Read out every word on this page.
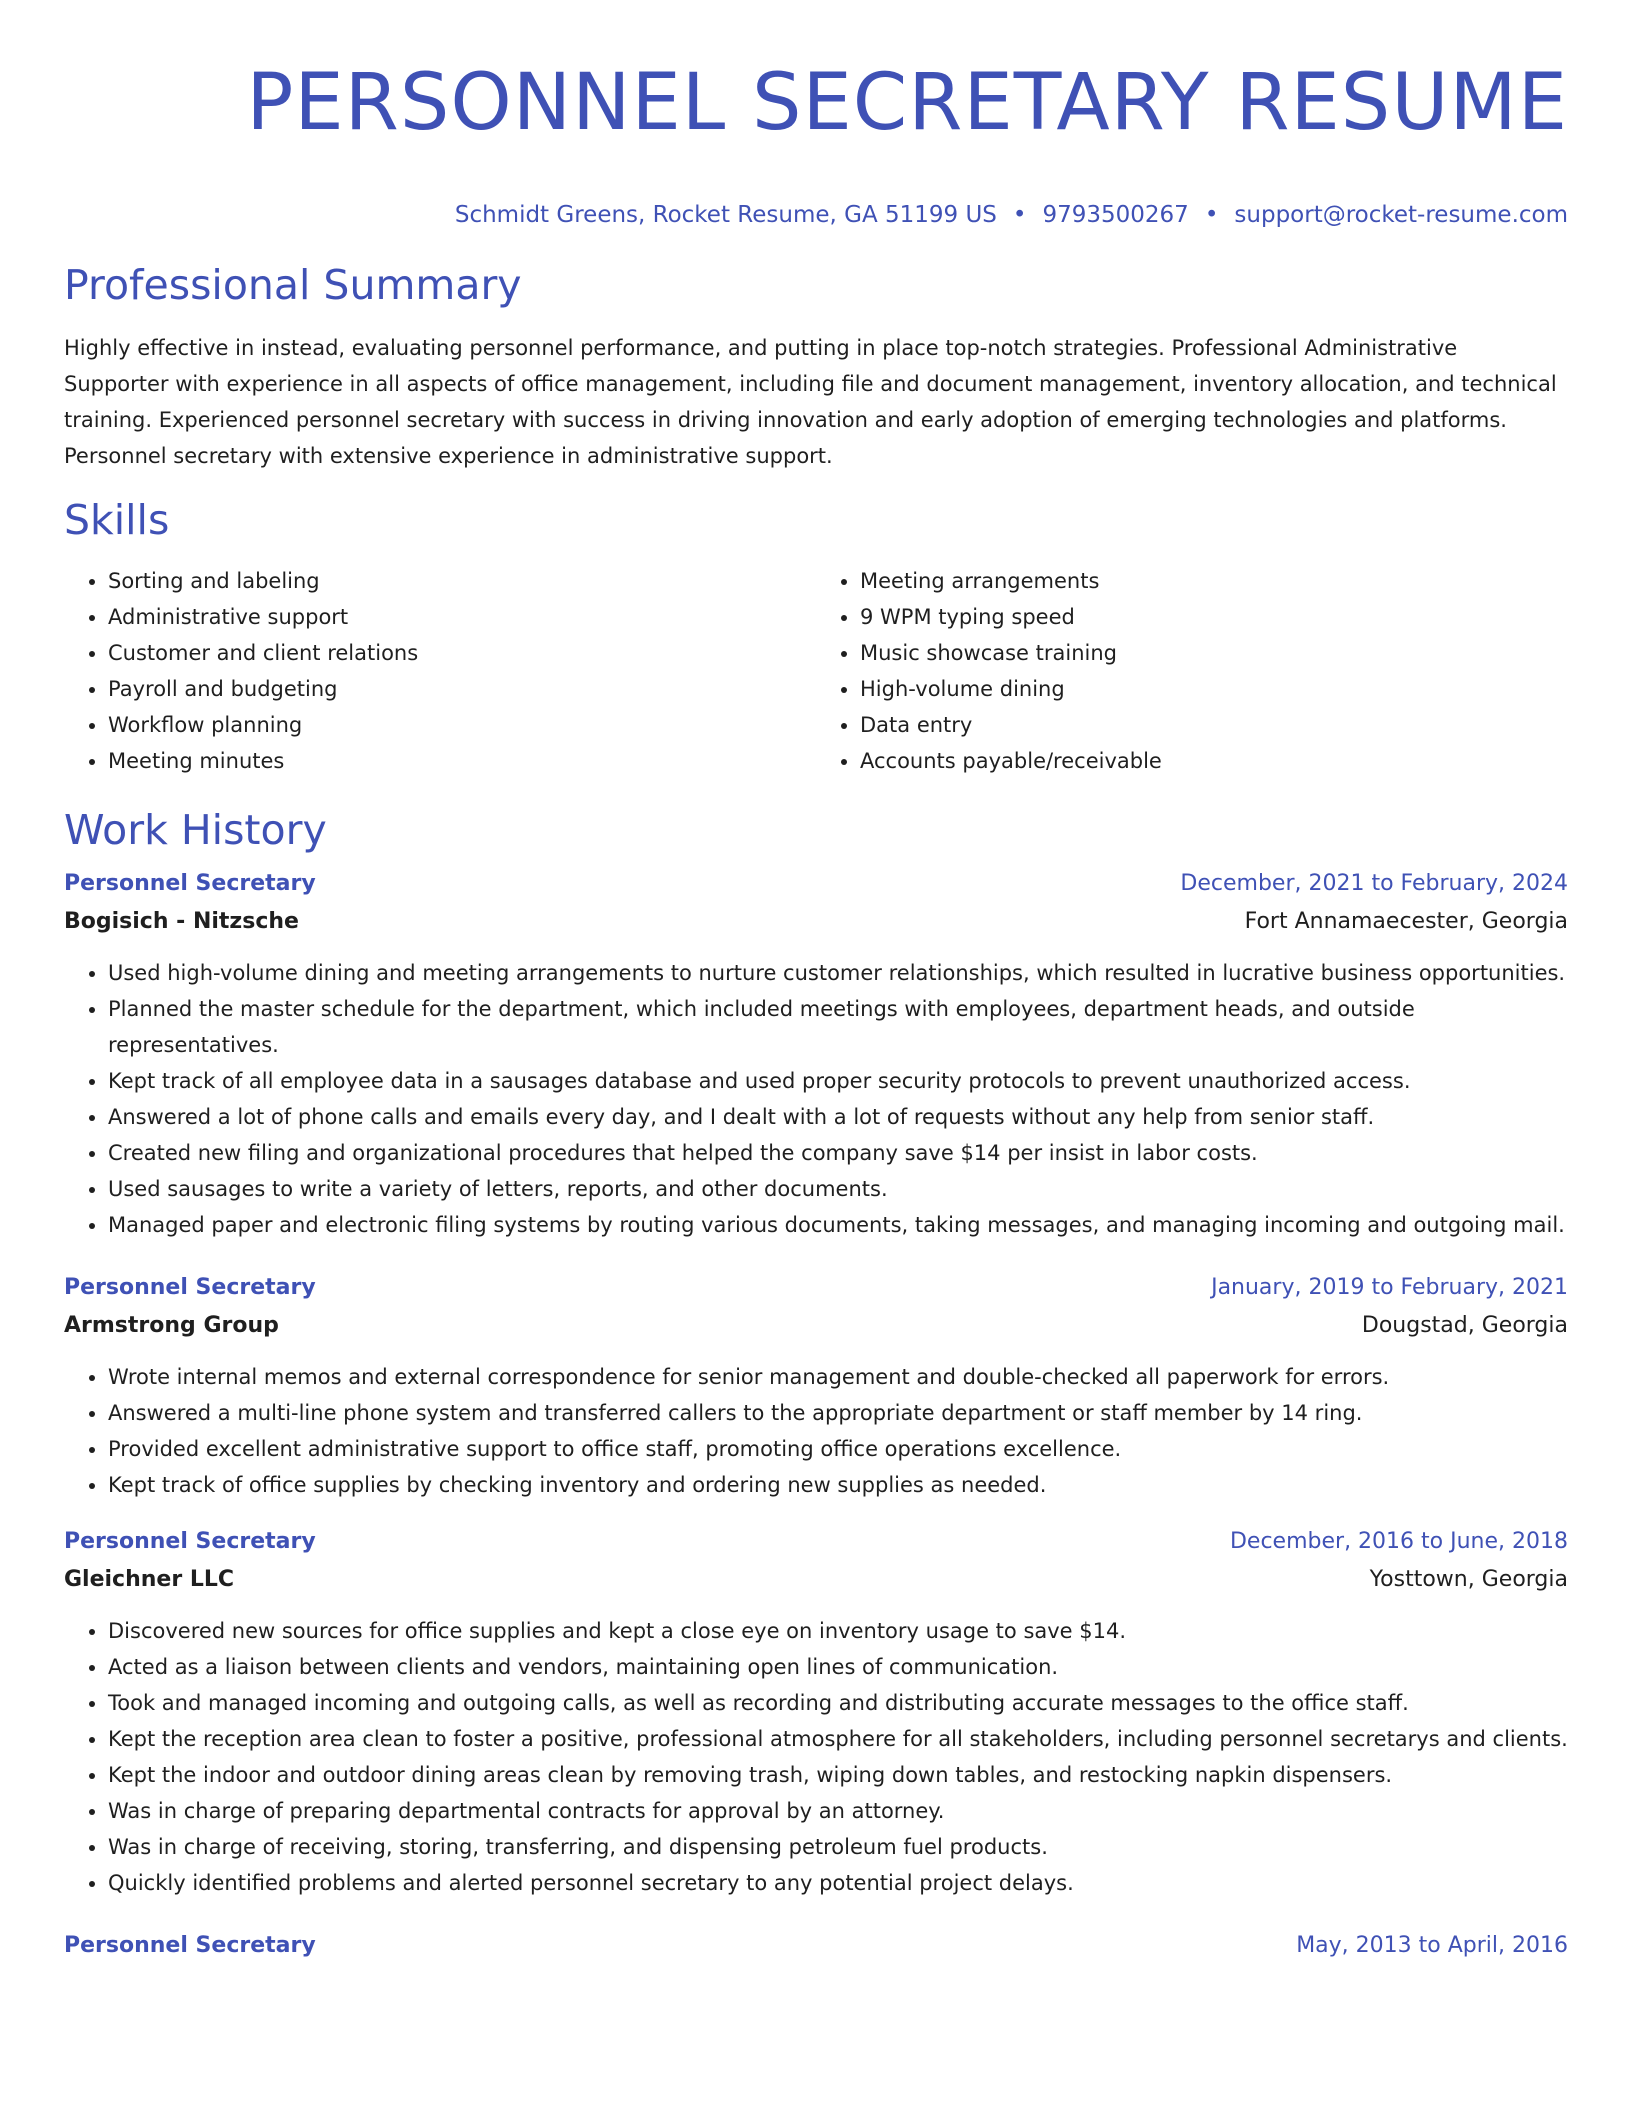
PERSONNEL SECRETARY RESUME
Schmidt Greens, Rocket Resume, GA 51199 US • 9793500267 • support@rocket-resume.com
Professional Summary

Highly effective in instead, evaluating personnel performance, and putting in place top-notch strategies. Professional Administrative Supporter with experience in all aspects of office management, including file and document management, inventory allocation, and technical training. Experienced personnel secretary with success in driving innovation and early adoption of emerging technologies and platforms. Personnel secretary with extensive experience in administrative support.

Skills
• Sorting and labeling
• Administrative support
• Customer and client relations
• Payroll and budgeting
• Workflow planning
• Meeting minutes
• Meeting arrangements
• 9 WPM typing speed
• Music showcase training
• High-volume dining
• Data entry
• Accounts payable/receivable
Work History
Personnel Secretary	December, 2021 to February, 2024
Bogisich - Nitzsche	Fort Annamaecester, Georgia
• Used high-volume dining and meeting arrangements to nurture customer relationships, which resulted in lucrative business opportunities.
• Planned the master schedule for the department, which included meetings with employees, department heads, and outside representatives.
• Kept track of all employee data in a sausages database and used proper security protocols to prevent unauthorized access.
• Answered a lot of phone calls and emails every day, and I dealt with a lot of requests without any help from senior staff.
• Created new filing and organizational procedures that helped the company save $14 per insist in labor costs.
• Used sausages to write a variety of letters, reports, and other documents.
• Managed paper and electronic filing systems by routing various documents, taking messages, and managing incoming and outgoing mail.
Personnel Secretary	January, 2019 to February, 2021
Armstrong Group	Dougstad, Georgia
• Wrote internal memos and external correspondence for senior management and double-checked all paperwork for errors.
• Answered a multi-line phone system and transferred callers to the appropriate department or staff member by 14 ring.
• Provided excellent administrative support to office staff, promoting office operations excellence.
• Kept track of office supplies by checking inventory and ordering new supplies as needed.
Personnel Secretary	December, 2016 to June, 2018
Gleichner LLC	Yosttown, Georgia
• Discovered new sources for office supplies and kept a close eye on inventory usage to save $14.
• Acted as a liaison between clients and vendors, maintaining open lines of communication.
• Took and managed incoming and outgoing calls, as well as recording and distributing accurate messages to the office staff.
• Kept the reception area clean to foster a positive, professional atmosphere for all stakeholders, including personnel secretarys and clients.
• Kept the indoor and outdoor dining areas clean by removing trash, wiping down tables, and restocking napkin dispensers.
• Was in charge of preparing departmental contracts for approval by an attorney.
• Was in charge of receiving, storing, transferring, and dispensing petroleum fuel products.
• Quickly identified problems and alerted personnel secretary to any potential project delays.
Personnel Secretary	May, 2013 to April, 2016
